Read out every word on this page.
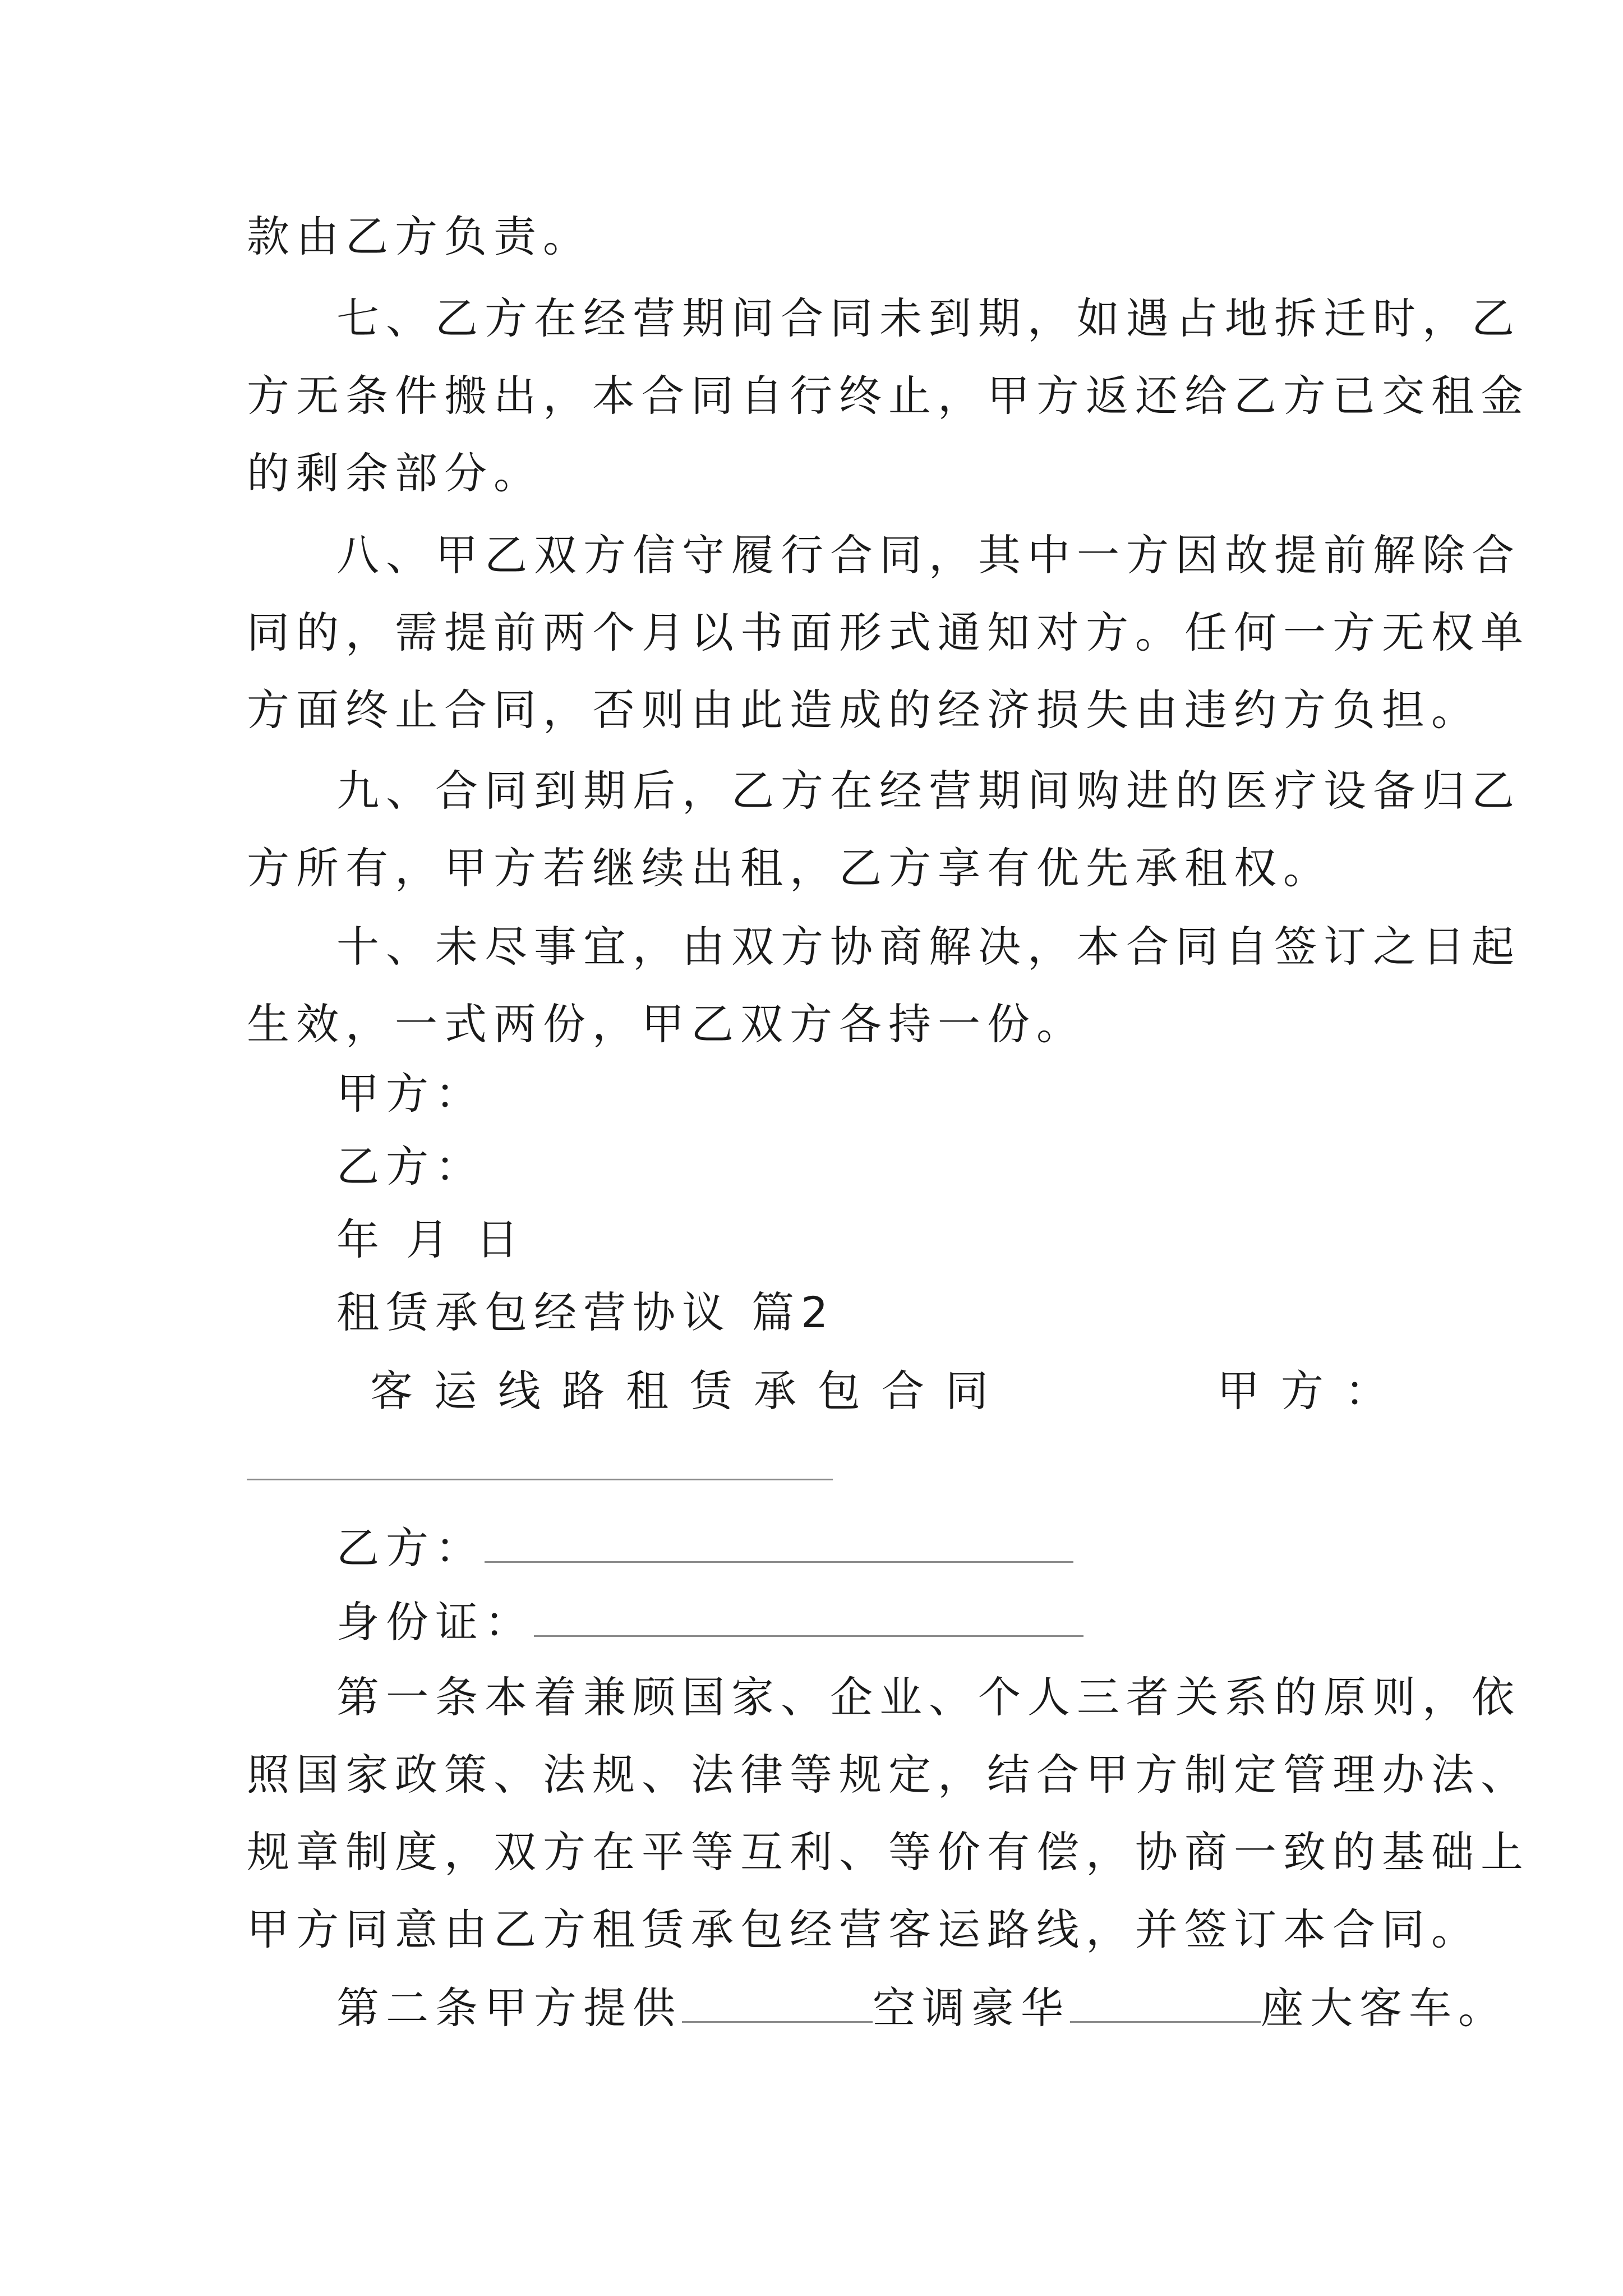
款由乙方负责。
七、乙方在经营期间合同未到期，如遇占地拆迁时，乙
方无条件搬出，本合同自行终止，甲方返还给乙方已交租金
的剩余部分。
八、甲乙双方信守履行合同，其中一方因故提前解除合
同的，需提前两个月以书面形式通知对方。任何一方无权单
方面终止合同，否则由此造成的经济损失由违约方负担。
九、合同到期后，乙方在经营期间购进的医疗设备归乙
方所有，甲方若继续出租，乙方享有优先承租权。
十、未尽事宜，由双方协商解决，本合同自签订之日起
生效，一式两份，甲乙双方各持一份。
甲方：
乙方：
年 月 日
租赁承包经营协议 篇2
客运线路租赁承包合同	甲方：
乙方：
身份证：
第一条本着兼顾国家、企业、个人三者关系的原则，依
照国家政策、法规、法律等规定，结合甲方制定管理办法、
规章制度，双方在平等互利、等价有偿，协商一致的基础上
甲方同意由乙方租赁承包经营客运路线，并签订本合同。
第二条甲方提供	空调豪华	座大客车。
